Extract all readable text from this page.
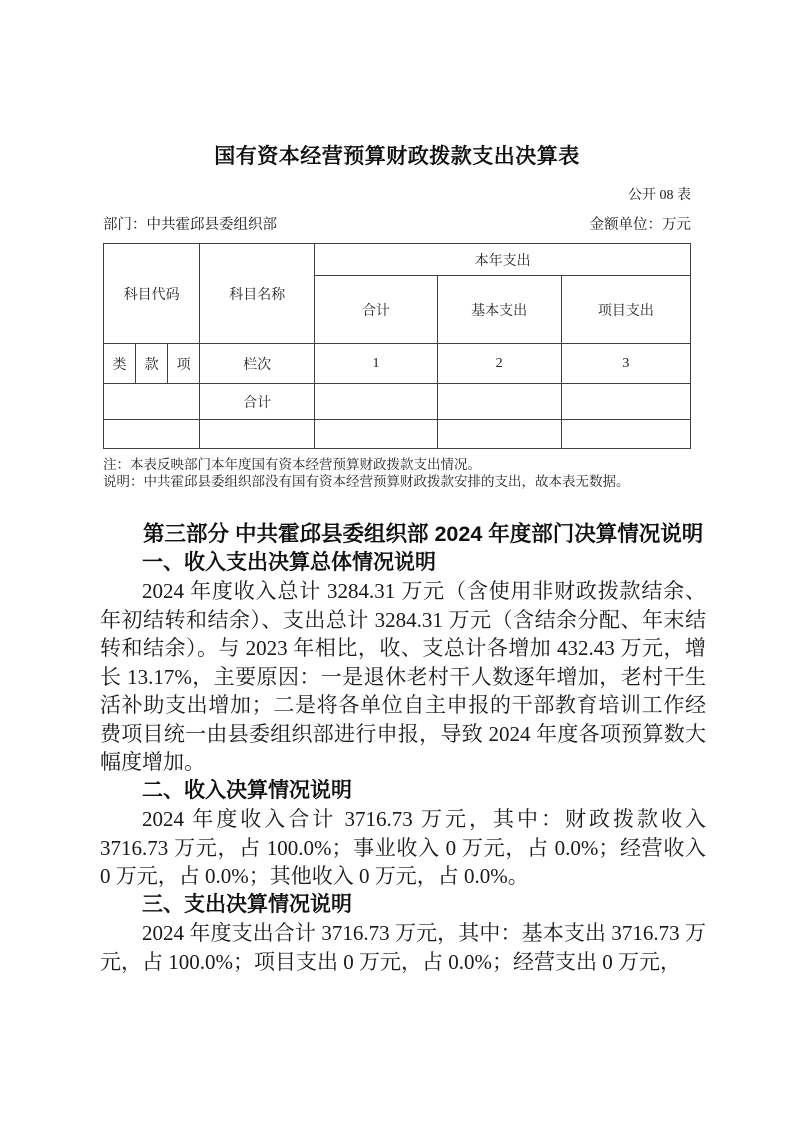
国有资本经营预算财政拨款支出决算表
公开 08 表
部门：中共霍邱县委组织部	金额单位：万元
科目代码			科目名称	本年支出		
				合计	基本支出	项目支出
类	款	项	栏次	1	2	3
			合计			

注：本表反映部门本年度国有资本经营预算财政拨款支出情况。
说明：中共霍邱县委组织部没有国有资本经营预算财政拨款安排的支出，故本表无数据。
第三部分 中共霍邱县委组织部 2024 年度部门决算情况说明
一、收入支出决算总体情况说明

2024 年度收入总计 3284.31 万元（含使用非财政拨款结余、年初结转和结余）、支出总计 3284.31 万元（含结余分配、年末结转和结余）。与 2023 年相比，收、支总计各增加 432.43 万元，增长 13.17%，主要原因：一是退休老村干人数逐年增加，老村干生活补助支出增加；二是将各单位自主申报的干部教育培训工作经费项目统一由县委组织部进行申报，导致 2024 年度各项预算数大幅度增加。

二、收入决算情况说明

2024 年度收入合计 3716.73 万元，其中：财政拨款收入 3716.73 万元，占 100.0%；事业收入 0 万元，占 0.0%；经营收入 0 万元，占 0.0%；其他收入 0 万元，占 0.0%。

三、支出决算情况说明

2024 年度支出合计 3716.73 万元，其中：基本支出 3716.73 万元，占 100.0%；项目支出 0 万元，占 0.0%；经营支出 0 万元，
